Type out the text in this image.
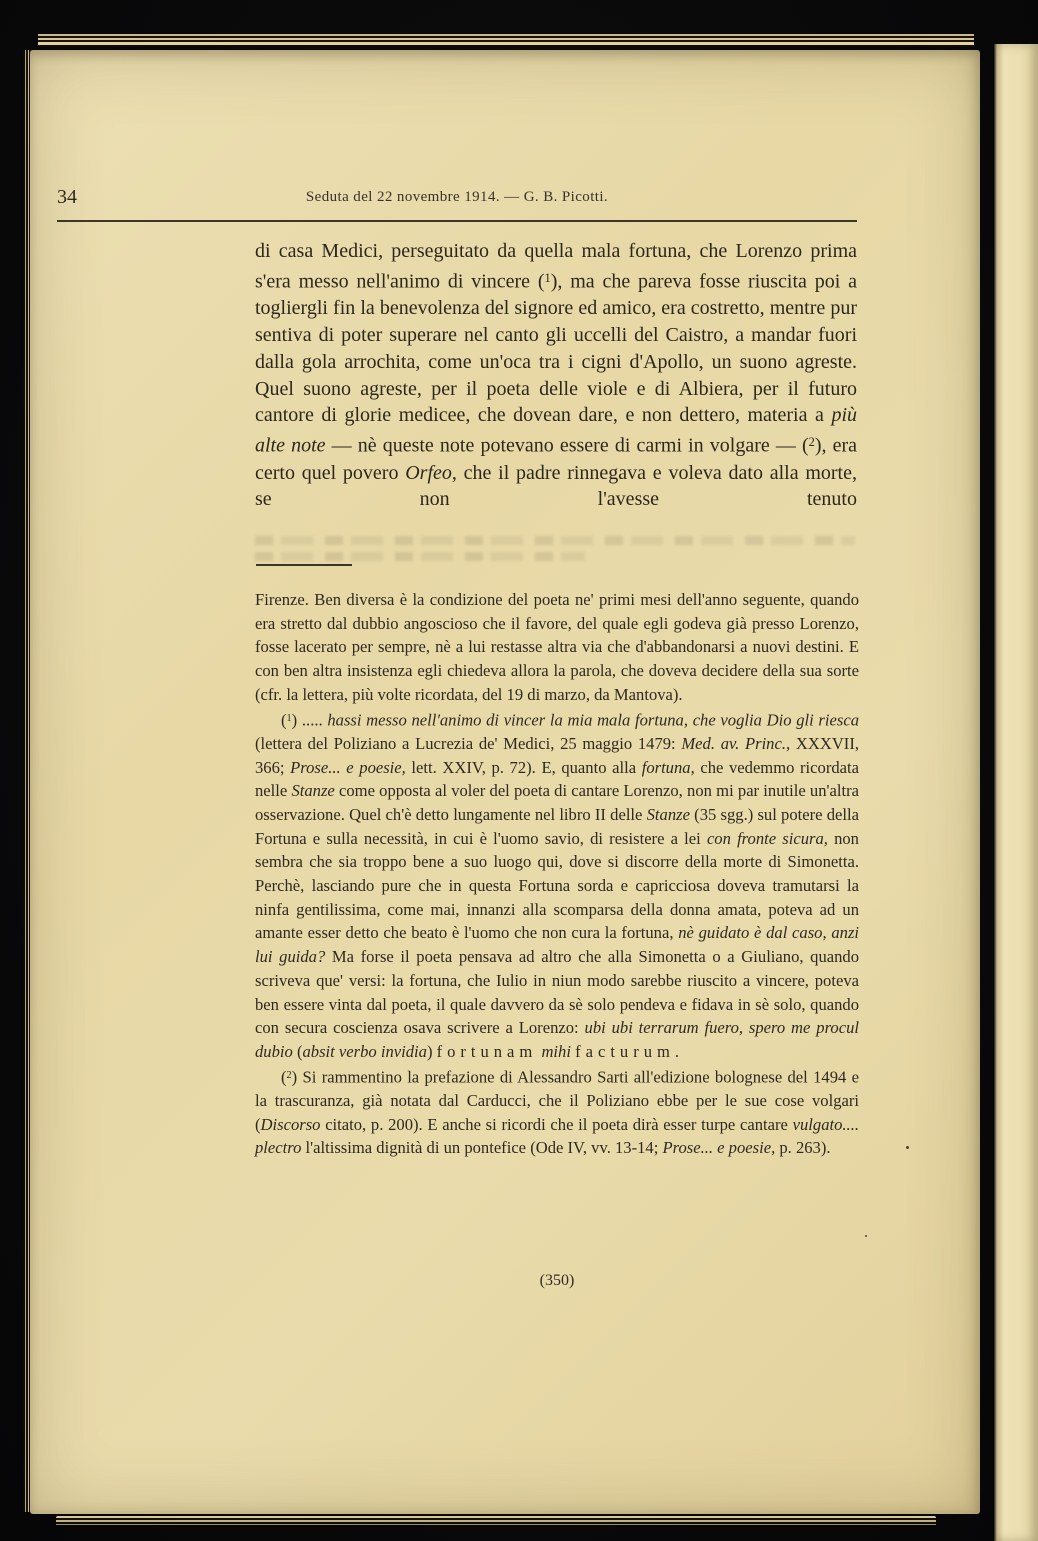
34	Seduta del 22 novembre 1914. — G. B. Picotti.
di casa Medici, perseguitato da quella mala fortuna, che Lorenzo prima s'era messo nell'animo di vincere ($^1$), ma che pareva fosse riuscita poi a togliergli fin la benevolenza del signore ed amico, era costretto, mentre pur sentiva di poter superare nel canto gli uccelli del Caistro, a mandar fuori dalla gola arrochita, come un'oca tra i cigni d'Apollo, un suono agreste. Quel suono agreste, per il poeta delle viole e di Albiera, per il futuro cantore di glorie medicee, che dovean dare, e non dettero, materia a più alte note — nè queste note potevano essere di carmi in volgare — ($^2$), era certo quel povero Orfeo, che il padre rinnegava e voleva dato alla morte, se non l'avesse tenuto

Firenze. Ben diversa è la condizione del poeta ne' primi mesi dell'anno seguente, quando era stretto dal dubbio angoscioso che il favore, del quale egli godeva già presso Lorenzo, fosse lacerato per sempre, nè a lui restasse altra via che d'abbandonarsi a nuovi destini. E con ben altra insistenza egli chiedeva allora la parola, che doveva decidere della sua sorte (cfr. la lettera, più volte ricordata, del 19 di marzo, da Mantova).

($^1$) ..... hassi messo nell'animo di vincer la mia mala fortuna, che voglia Dio gli riesca (lettera del Poliziano a Lucrezia de' Medici, 25 maggio 1479: Med. av. Princ., XXXVII, 366; Prose... e poesie, lett. XXIV, p. 72). E, quanto alla fortuna, che vedemmo ricordata nelle Stanze come opposta al voler del poeta di cantare Lorenzo, non mi par inutile un'altra osservazione. Quel ch'è detto lungamente nel libro II delle Stanze (35 sgg.) sul potere della Fortuna e sulla necessità, in cui è l'uomo savio, di resistere a lei con fronte sicura, non sembra che sia troppo bene a suo luogo qui, dove si discorre della morte di Simonetta. Perchè, lasciando pure che in questa Fortuna sorda e capricciosa doveva tramutarsi la ninfa gentilissima, come mai, innanzi alla scomparsa della donna amata, poteva ad un amante esser detto che beato è l'uomo che non cura la fortuna, nè guidato è dal caso, anzi lui guida? Ma forse il poeta pensava ad altro che alla Simonetta o a Giuliano, quando scriveva que' versi: la fortuna, che Iulio in niun modo sarebbe riuscito a vincere, poteva ben essere vinta dal poeta, il quale davvero da sè solo pendeva e fidava in sè solo, quando con secura coscienza osava scrivere a Lorenzo: ubi ubi terrarum fuero, spero me procul dubio (absit verbo invidia) fortunam mihi facturum.

($^2$) Si rammentino la prefazione di Alessandro Sarti all'edizione bolognese del 1494 e la trascuranza, già notata dal Carducci, che il Poliziano ebbe per le sue cose volgari (Discorso citato, p. 200). E anche si ricordi che il poeta dirà esser turpe cantare vulgato.... plectro l'altissima dignità di un pontefice (Ode IV, vv. 13-14; Prose... e poesie, p. 263).

(350)
